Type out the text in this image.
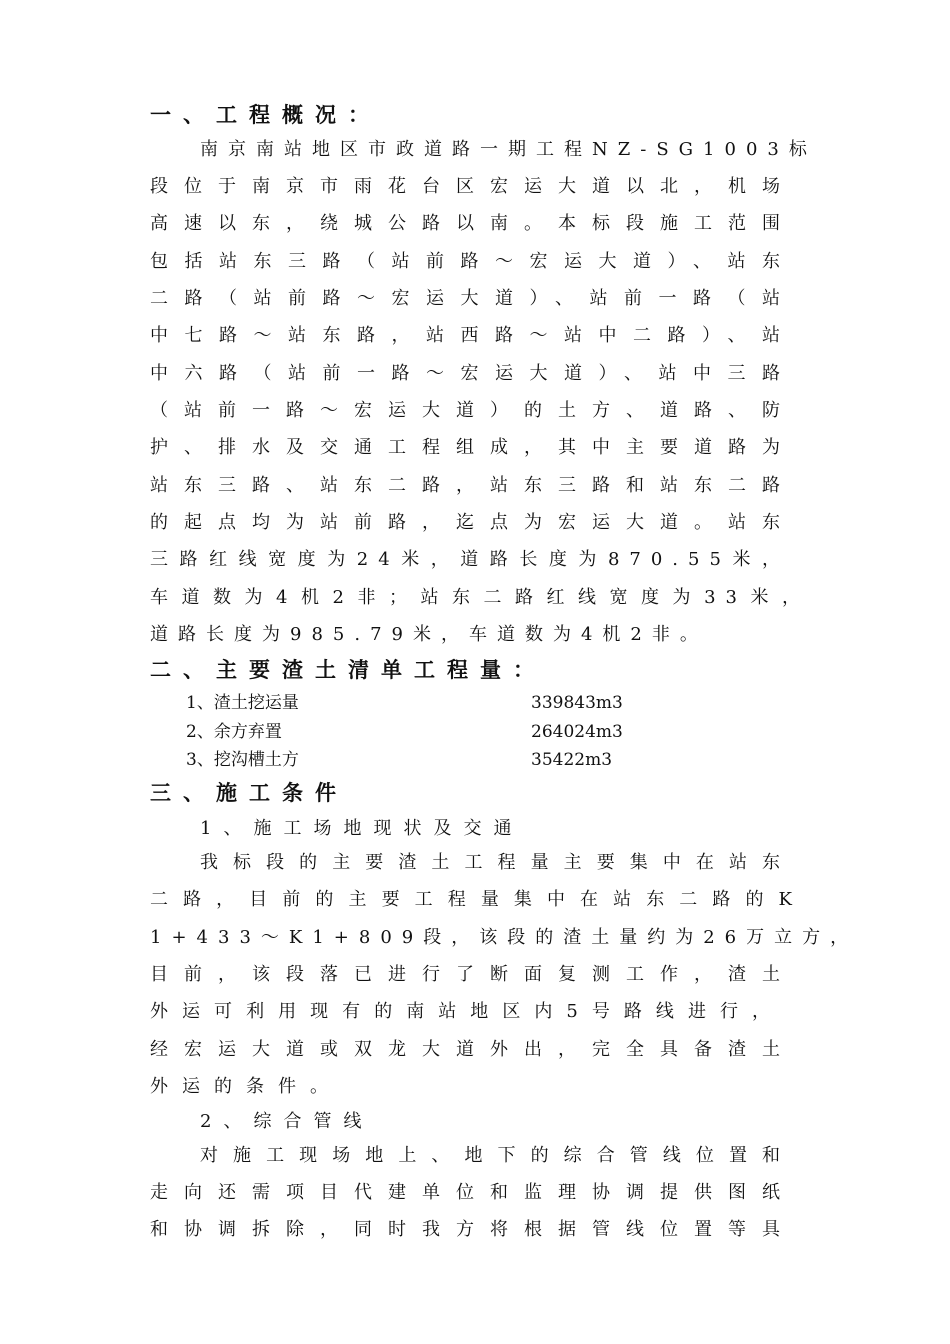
一、工程概况：
南京南站地区市政道路一期工程NZ-SG1003标
段位于南京市雨花台区宏运大道以北，机场
高速以东，绕城公路以南。本标段施工范围
包括站东三路（站前路～宏运大道）、站东
二路（站前路～宏运大道）、站前一路（站
中七路～站东路，站西路～站中二路）、站
中六路（站前一路～宏运大道）、站中三路
（站前一路～宏运大道）的土方、道路、防
护、排水及交通工程组成，其中主要道路为
站东三路、站东二路，站东三路和站东二路
的起点均为站前路，迄点为宏运大道。站东
三路红线宽度为24米，道路长度为870.55米，
车道数为4机2非；站东二路红线宽度为33米，
道路长度为985.79米，车道数为4机2非。
二、主要渣土清单工程量：
1、渣土挖运量	339843m3
2、余方弃置	264024m3
3、挖沟槽土方	35422m3
三、施工条件
1、施工场地现状及交通
我标段的主要渣土工程量主要集中在站东
二路，目前的主要工程量集中在站东二路的K
1+433～K1+809段，该段的渣土量约为26万立方，
目前，该段落已进行了断面复测工作，渣土
外运可利用现有的南站地区内5号路线进行，
经宏运大道或双龙大道外出，完全具备渣土
外运的条件。
2、综合管线
对施工现场地上、地下的综合管线位置和
走向还需项目代建单位和监理协调提供图纸
和协调拆除，同时我方将根据管线位置等具
